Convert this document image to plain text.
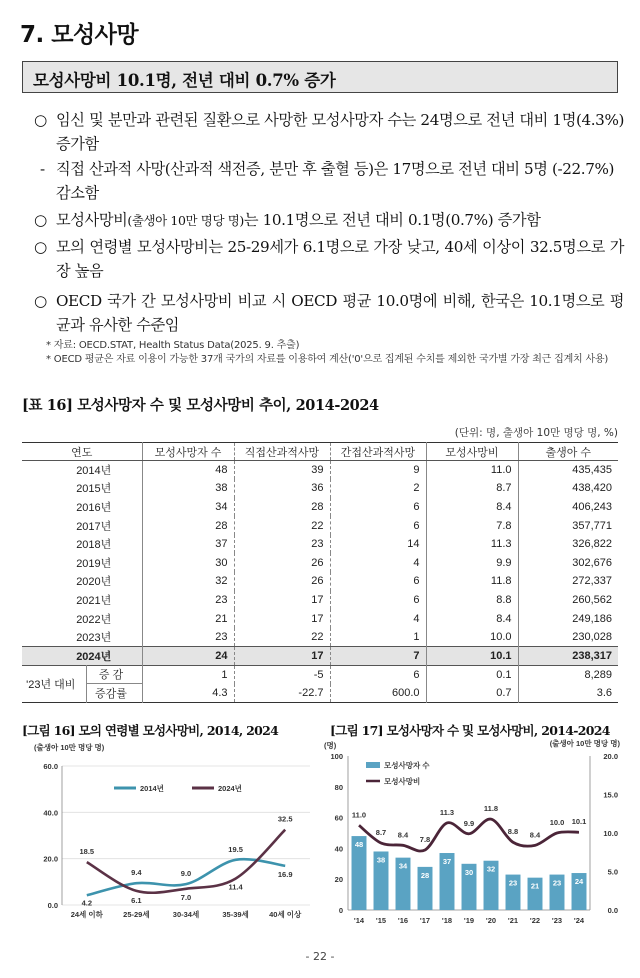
7. 모성사망
모성사망비 10.1명, 전년 대비 0.7% 증가
○ 임신 및 분만과 관련된 질환으로 사망한 모성사망자 수는 24명으로 전년 대비 1명(4.3%) 증가함
- 직접 산과적 사망(산과적 색전증, 분만 후 출혈 등)은 17명으로 전년 대비 5명 (-22.7%) 감소함
○ 모성사망비(출생아 10만 명당 명)는 10.1명으로 전년 대비 0.1명(0.7%) 증가함
○ 모의 연령별 모성사망비는 25-29세가 6.1명으로 가장 낮고, 40세 이상이 32.5명으로 가장 높음
○ OECD 국가 간 모성사망비 비교 시 OECD 평균 10.0명에 비해, 한국은 10.1명으로 평균과 유사한 수준임
* 자료: OECD.STAT, Health Status Data(2025. 9. 추출)
* OECD 평균은 자료 이용이 가능한 37개 국가의 자료를 이용하여 계산('0'으로 집계된 수치를 제외한 국가별 가장 최근 집계치 사용)
[표 16] 모성사망자 수 및 모성사망비 추이, 2014-2024
(단위: 명, 출생아 10만 명당 명, %)
연도		모성사망자 수	직접산과적사망	간접산과적사망	모성사망비	출생아 수
2014년		48	39	9	11.0	435,435
2015년		38	36	2	8.7	438,420
2016년		34	28	6	8.4	406,243
2017년		28	22	6	7.8	357,771
2018년		37	23	14	11.3	326,822
2019년		30	26	4	9.9	302,676
2020년		32	26	6	11.8	272,337
2021년		23	17	6	8.8	260,562
2022년		21	17	4	8.4	249,186
2023년		23	22	1	10.0	230,028
2024년		24	17	7	10.1	238,317
'23년 대비	증 감	1	-5	6	0.1	8,289
	증감률	4.3	-22.7	600.0	0.7	3.6
[그림 16] 모의 연령별 모성사망비, 2014, 2024	[그림 17] 모성사망자 수 및 모성사망비, 2014-2024
(출생아 10만 명당 명)
0.0
20.0
40.0
60.0
24세 이하	25-29세	30-34세	35-39세	40세 이상
2014년	2024년
4.2
9.4	9.0
19.5
16.9
18.5
6.1	7.0
11.4
32.5
(명)	(출생아 10만 명당 명)
0
20
40
60
80
100
0.0
5.0
10.0
15.0
20.0
48
38
34
28
37
30 32
23 21 23 24
'14 '15 '16 '17 '18 '19 '20 '21 '22 '23 '24
11.0
8.7 8.4
7.8
11.3
9.9
11.8
8.8 8.4
10.0 10.1
모성사망자 수
모성사망비
- 22 -
